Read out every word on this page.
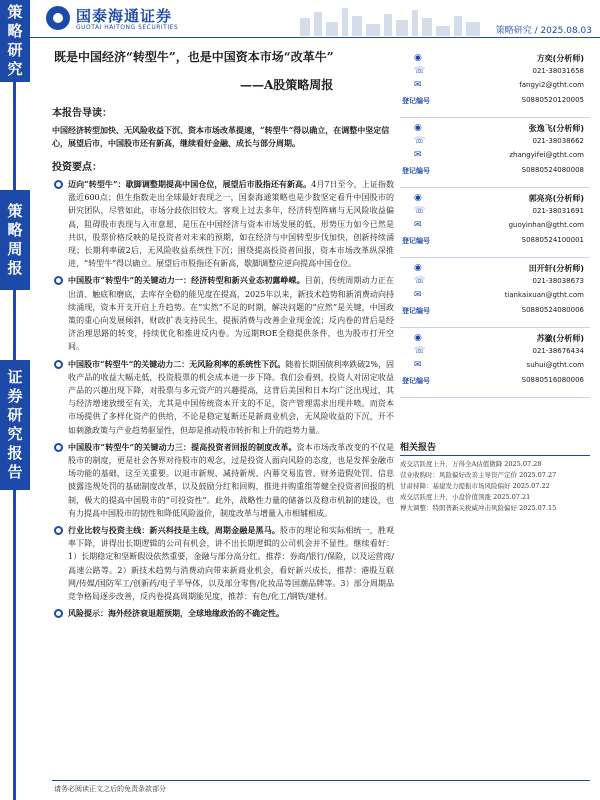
策
略
研
究
策
略
周
报
证
券
研
究
报
告
国泰海通证券
GUOTAI HAITONG SECURITIES	策略研究 / 2025.08.03
既是中国经济“转型牛”，也是中国资本市场“改革牛”
——A股策略周报
本报告导读：
中国经济转型加快、无风险收益下沉、资本市场改革提速，“转型牛”得以确立，在调整中坚定信心，展望后市，中国股市还有新高，继续看好金融、成长与部分周期。
投资要点：
迈向“转型牛”：歇脚调整期提高中国仓位，展望后市股指还有新高。4月7日至今，上证指数涨近600点；但生指数走出全球最好表现之一，国泰海通策略也是少数坚定看升中国股市的研究团队，尽管如此，市场分歧依旧较大。客观上过去多年，经济转型阵痛与无风险收益偏高，阻碍股市表现与入市意愿，是压在中国经济与资本市场发展的低、形势压力如今已然是共识，股票价格反映的是投资者对未来的预期，如在经济与中国转型步伐加快，创新持续涌现；长期利率破2后，无风险收益系统性下沉；围绕提高投资者回报，资本市场改革纵深推进，“转型牛”得以确立。展望后市股指还有新高，歇脚调整应逆向提高中国仓位。
中国股市“转型牛”的关键动力一：经济转型和新兴业态初露峥嵘。目前，传统周期动力正在出清、触底和磨底，去库存全稳的能见度在提高，2025年以来，新技术趋势和新消费动向持续涌现，资本开支开启上升趋势。在“实然”不足的时期，解决问题的“应然”是关键，中国政策的重心向发展倾斜，财政扩表支持民生，提振消费与改善企业现金流；反内卷的背后是经济治理思路的转变，持续优化和推进反内卷。为远期ROE全稳提供条件，也为股市打开空间。
中国股市“转型牛”的关键动力二：无风险利率的系统性下沉。随着长期国债利率跌破2%，固收产品的收益大幅走低，投资股票的机会成本进一步下降。我们会看到，投资人对固定收益产品的兴趣出现下降，对股票与多元资产的兴趣提高，这背后美国和日本均广泛出现过，其与经济增速放缓至有关，尤其是中国传统资本开支的不足，资产管理需求出现井喷。而资本市场提供了多样化资产的供给，不论是稳定复断还是新商业机会，无风险收益的下沉，开不如刺激政策与产业趋势驱显性，但却是推动股市转折和上升的趋势力量。
中国股市“转型牛”的关键动力三：提高投资者回报的制度改革。资本市场改革改变的不仅是股市的制度，更是社会各界对待股市的观念，过是投资人面向风险的态度，也是发挥金融市场功能的基础，这至关重要。以退市新规、减持新规、内幕交易监管、财务造假处罚、信息披露违规处罚的基础制度改革，以及鼓励分红和回购、推进并购重组等健全投资者回报的机制，极大的提高中国股市的“可投资性”。此外，战略性力量的储备以及稳市机制的建设，也有力提高中国股市的韧性和降低风险溢价，制度改革与增量入市相辅相成。
行业比较与投资主线：新兴科技是主线，周期金融是黑马。股市的理论和实际相统一，胜观率下降，讲得出长期逻辑的公司有机会，讲不出长期逻辑的公司机会并不显性。继续看好：1）长期稳定和坚断假设依然重要，金融与部分高分红。推荐：券商/银行/保险，以及运营商/高速公路等。2）新技术趋势与消费动向带来新商业机会，看好新兴成长，推荐：港股互联网/传媒/国防军工/创新药/电子半导体，以及部分零售/化妆品等国潮品牌等。3）部分周期品竞争格局逐步改善，反内卷提高周期能见度，推荐：有色/化工/钢铁/建材。
风险提示：海外经济衰退超预期，全球地缘政治的不确定性。
方奕(分析师)
◉
☏	021-38031658
✉	fangyi2@gtht.com
登记编号	S0880520120005
张逸飞(分析师)
◉
☏	021-38038662
✉	zhangyifei@gtht.com
登记编号	S0880524080008
郭亮亮(分析师)
◉
☏	021-38031691
✉	guoyinhan@gtht.com
登记编号	S0880524100001
田开轩(分析师)
◉
☏	021-38038673
✉	tiankaixuan@gtht.com
登记编号	S0880524080006
苏徽(分析师)
◉
☏	021-38676434
✉	suhui@gtht.com
登记编号	S0880516080006
相关报告
成交活跃度上升，万得全A估值微降 2025.07.28
营业收购时：风险偏好改善主导资产定价 2025.07.27
甘肃持降：基建发力提振市场风险偏好 2025.07.22
成交活跃度上升，小盘价值领涨 2025.07.21
博大调整：特朗普新关税威冲击风险偏好 2025.07.15
请务必阅读正文之后的免责条款部分
